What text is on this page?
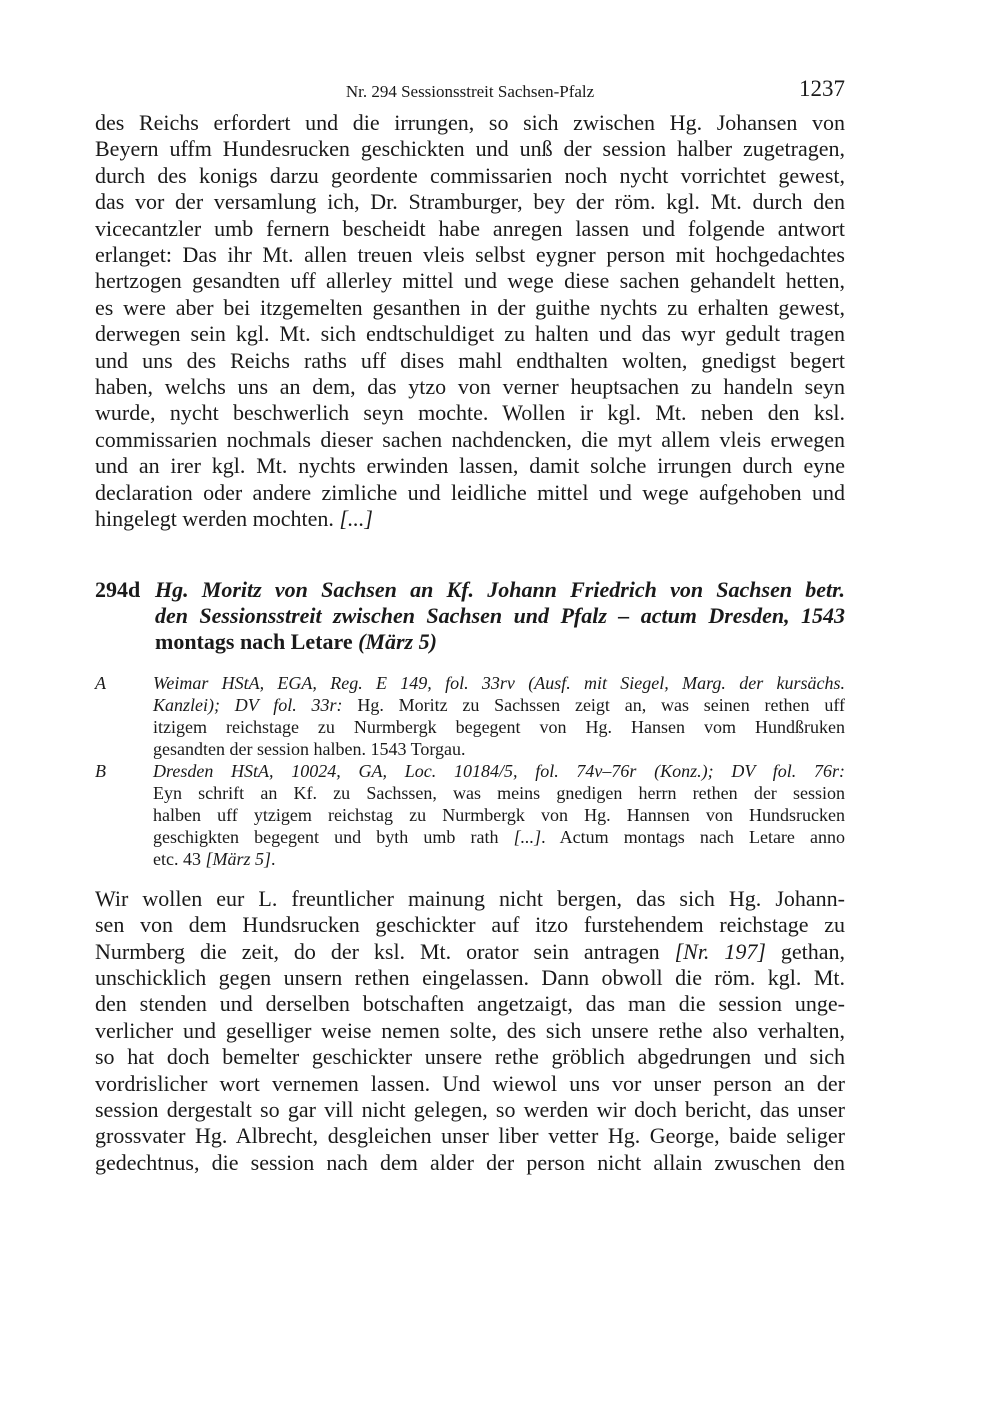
Nr. 294 Sessionsstreit Sachsen-Pfalz	1237
des Reichs erfordert und die irrungen, so sich zwischen Hg. Johansen von
Beyern uffm Hundesrucken geschickten und unß der session halber zugetragen,
durch des konigs darzu geordente commissarien noch nycht vorrichtet gewest,
das vor der versamlung ich, Dr. Stramburger, bey der röm. kgl. Mt. durch den
vicecantzler umb fernern bescheidt habe anregen lassen und folgende antwort
erlanget: Das ihr Mt. allen treuen vleis selbst eygner person mit hochgedachtes
hertzogen gesandten uff allerley mittel und wege diese sachen gehandelt hetten,
es were aber bei itzgemelten gesanthen in der guithe nychts zu erhalten gewest,
derwegen sein kgl. Mt. sich endtschuldiget zu halten und das wyr gedult tragen
und uns des Reichs raths uff dises mahl endthalten wolten, gnedigst begert
haben, welchs uns an dem, das ytzo von verner heuptsachen zu handeln seyn
wurde, nycht beschwerlich seyn mochte. Wollen ir kgl. Mt. neben den ksl.
commissarien nochmals dieser sachen nachdencken, die myt allem vleis erwegen
und an irer kgl. Mt. nychts erwinden lassen, damit solche irrungen durch eyne
declaration oder andere zimliche und leidliche mittel und wege aufgehoben und
hingelegt werden mochten. [...]
294d Hg. Moritz von Sachsen an Kf. Johann Friedrich von Sachsen betr.
den Sessionsstreit zwischen Sachsen und Pfalz – actum Dresden, 1543
montags nach Letare (März 5)
A	Weimar HStA, EGA, Reg. E 149, fol. 33rv (Ausf. mit Siegel, Marg. der kursächs.
Kanzlei); DV fol. 33r: Hg. Moritz zu Sachssen zeigt an, was seinen rethen uff
itzigem reichstage zu Nurmbergk begegent von Hg. Hansen vom Hundßruken
gesandten der session halben. 1543 Torgau.
B	Dresden HStA, 10024, GA, Loc. 10184/5, fol. 74v–76r (Konz.); DV fol. 76r:
Eyn schrift an Kf. zu Sachssen, was meins gnedigen herrn rethen der session
halben uff ytzigem reichstag zu Nurmbergk von Hg. Hannsen von Hundsrucken
geschigkten begegent und byth umb rath [...]. Actum montags nach Letare anno
etc. 43 [März 5].
Wir wollen eur L. freuntlicher mainung nicht bergen, das sich Hg. Johann-
sen von dem Hundsrucken geschickter auf itzo furstehendem reichstage zu
Nurmberg die zeit, do der ksl. Mt. orator sein antragen [Nr. 197] gethan,
unschicklich gegen unsern rethen eingelassen. Dann obwoll die röm. kgl. Mt.
den stenden und derselben botschaften angetzaigt, das man die session unge-
verlicher und geselliger weise nemen solte, des sich unsere rethe also verhalten,
so hat doch bemelter geschickter unsere rethe gröblich abgedrungen und sich
vordrislicher wort vernemen lassen. Und wiewol uns vor unser person an der
session dergestalt so gar vill nicht gelegen, so werden wir doch bericht, das unser
grossvater Hg. Albrecht, desgleichen unser liber vetter Hg. George, baide seliger
gedechtnus, die session nach dem alder der person nicht allain zwuschen den
